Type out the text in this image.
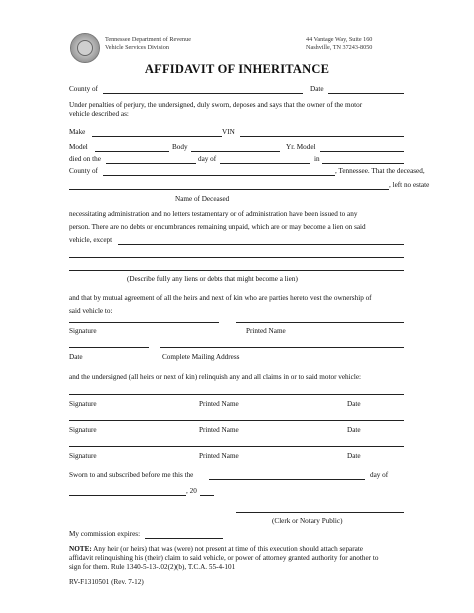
Tennessee Department of Revenue
Vehicle Services Division
44 Vantage Way, Suite 160
Nashville, TN 37243-8050
AFFIDAVIT OF INHERITANCE
County of	Date
Under penalties of perjury, the undersigned, duly sworn, deposes and says that the owner of the motor
vehicle described as:
Make	VIN
Model	Body	Yr. Model
died on the	day of	in
County of	, Tennessee. That the deceased,
, left no estate
Name of Deceased
necessitating administration and no letters testamentary or of administration have been issued to any
person. There are no debts or encumbrances remaining unpaid, which are or may become a lien on said
vehicle, except
(Describe fully any liens or debts that might become a lien)
and that by mutual agreement of all the heirs and next of kin who are parties hereto vest the ownership of
said vehicle to:
Signature	Printed Name
Date	Complete Mailing Address
and the undersigned (all heirs or next of kin) relinquish any and all claims in or to said motor vehicle:
Signature	Printed Name	Date
Signature	Printed Name	Date
Signature	Printed Name	Date
Sworn to and subscribed before me this the	day of
, 20
(Clerk or Notary Public)
My commission expires:
NOTE: Any heir (or heirs) that was (were) not present at time of this execution should attach separate
affidavit relinquishing his (their) claim to said vehicle, or power of attorney granted authority for another to
sign for them. Rule 1340-5-13-.02(2)(b), T.C.A. 55-4-101
RV-F1310501 (Rev. 7-12)
